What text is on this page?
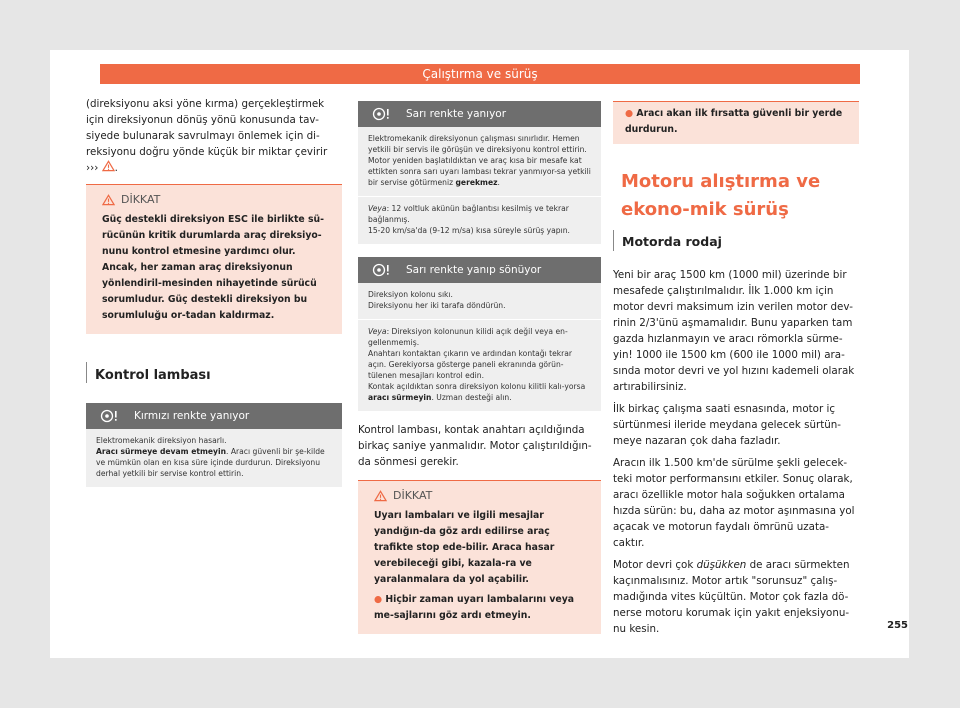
Çalıştırma ve sürüş

(direksiyonu aksi yöne kırma) gerçekleştirmek için direksiyonun dönüş yönü konusunda tav-siyede bulunarak savrulmayı önlemek için di-reksiyonu doğru yönde küçük bir miktar çevirir ››› .

DİKKAT

Güç destekli direksiyon ESC ile birlikte sü-rücünün kritik durumlarda araç direksiyo-nunu kontrol etmesine yardımcı olur. Ancak, her zaman araç direksiyonun yönlendiril-mesinden nihayetinde sürücü sorumludur. Güç destekli direksiyon bu sorumluluğu or-tadan kaldırmaz.

Kontrol lambası
Kırmızı renkte yanıyor
Elektromekanik direksiyon hasarlı.
Aracı sürmeye devam etmeyin. Aracı güvenli bir şe-kilde ve mümkün olan en kısa süre içinde durdurun. Direksiyonu derhal yetkili bir servise kontrol ettirin.
Sarı renkte yanıyor
Elektromekanik direksiyonun çalışması sınırlıdır. Hemen yetkili bir servis ile görüşün ve direksiyonu kontrol ettirin.
Motor yeniden başlatıldıktan ve araç kısa bir mesafe kat ettikten sonra sarı uyarı lambası tekrar yanmıyor-sa yetkili bir servise götürmeniz gerekmez.
Veya: 12 voltluk akünün bağlantısı kesilmiş ve tekrar bağlanmış.
15-20 km/sa'da (9-12 m/sa) kısa süreyle sürüş yapın.
Sarı renkte yanıp sönüyor
Direksiyon kolonu sıkı.
Direksiyonu her iki tarafa döndürün.
Veya: Direksiyon kolonunun kilidi açık değil veya en-gellenmemiş.
Anahtarı kontaktan çıkarın ve ardından kontağı tekrar açın. Gerekiyorsa gösterge paneli ekranında görün-tülenen mesajları kontrol edin.
Kontak açıldıktan sonra direksiyon kolonu kilitli kalı-yorsa aracı sürmeyin. Uzman desteği alın.

Kontrol lambası, kontak anahtarı açıldığında birkaç saniye yanmalıdır. Motor çalıştırıldığın-da sönmesi gerekir.

DİKKAT

Uyarı lambaları ve ilgili mesajlar yandığın-da göz ardı edilirse araç trafikte stop ede-bilir. Araca hasar verebileceği gibi, kazala-ra ve yaralanmalara da yol açabilir.

● Hiçbir zaman uyarı lambalarını veya me-sajlarını göz ardı etmeyin.

● Aracı akan ilk fırsatta güvenli bir yerde durdurun.

Motoru alıştırma ve ekono-mik sürüş
Motorda rodaj

Yeni bir araç 1500 km (1000 mil) üzerinde bir mesafede çalıştırılmalıdır. İlk 1.000 km için motor devri maksimum izin verilen motor dev-rinin 2/3'ünü aşmamalıdır. Bunu yaparken tam gazda hızlanmayın ve aracı römorkla sürme-yin! 1000 ile 1500 km (600 ile 1000 mil) ara-sında motor devri ve yol hızını kademeli olarak artırabilirsiniz.

İlk birkaç çalışma saati esnasında, motor iç sürtünmesi ileride meydana gelecek sürtün-meye nazaran çok daha fazladır.

Aracın ilk 1.500 km'de sürülme şekli gelecek-teki motor performansını etkiler. Sonuç olarak, aracı özellikle motor hala soğukken ortalama hızda sürün: bu, daha az motor aşınmasına yol açacak ve motorun faydalı ömrünü uzata-caktır.

Motor devri çok düşükken de aracı sürmekten kaçınmalısınız. Motor artık "sorunsuz" çalış-madığında vites küçültün. Motor çok fazla dö-nerse motoru korumak için yakıt enjeksiyonu-nu kesin.	255
